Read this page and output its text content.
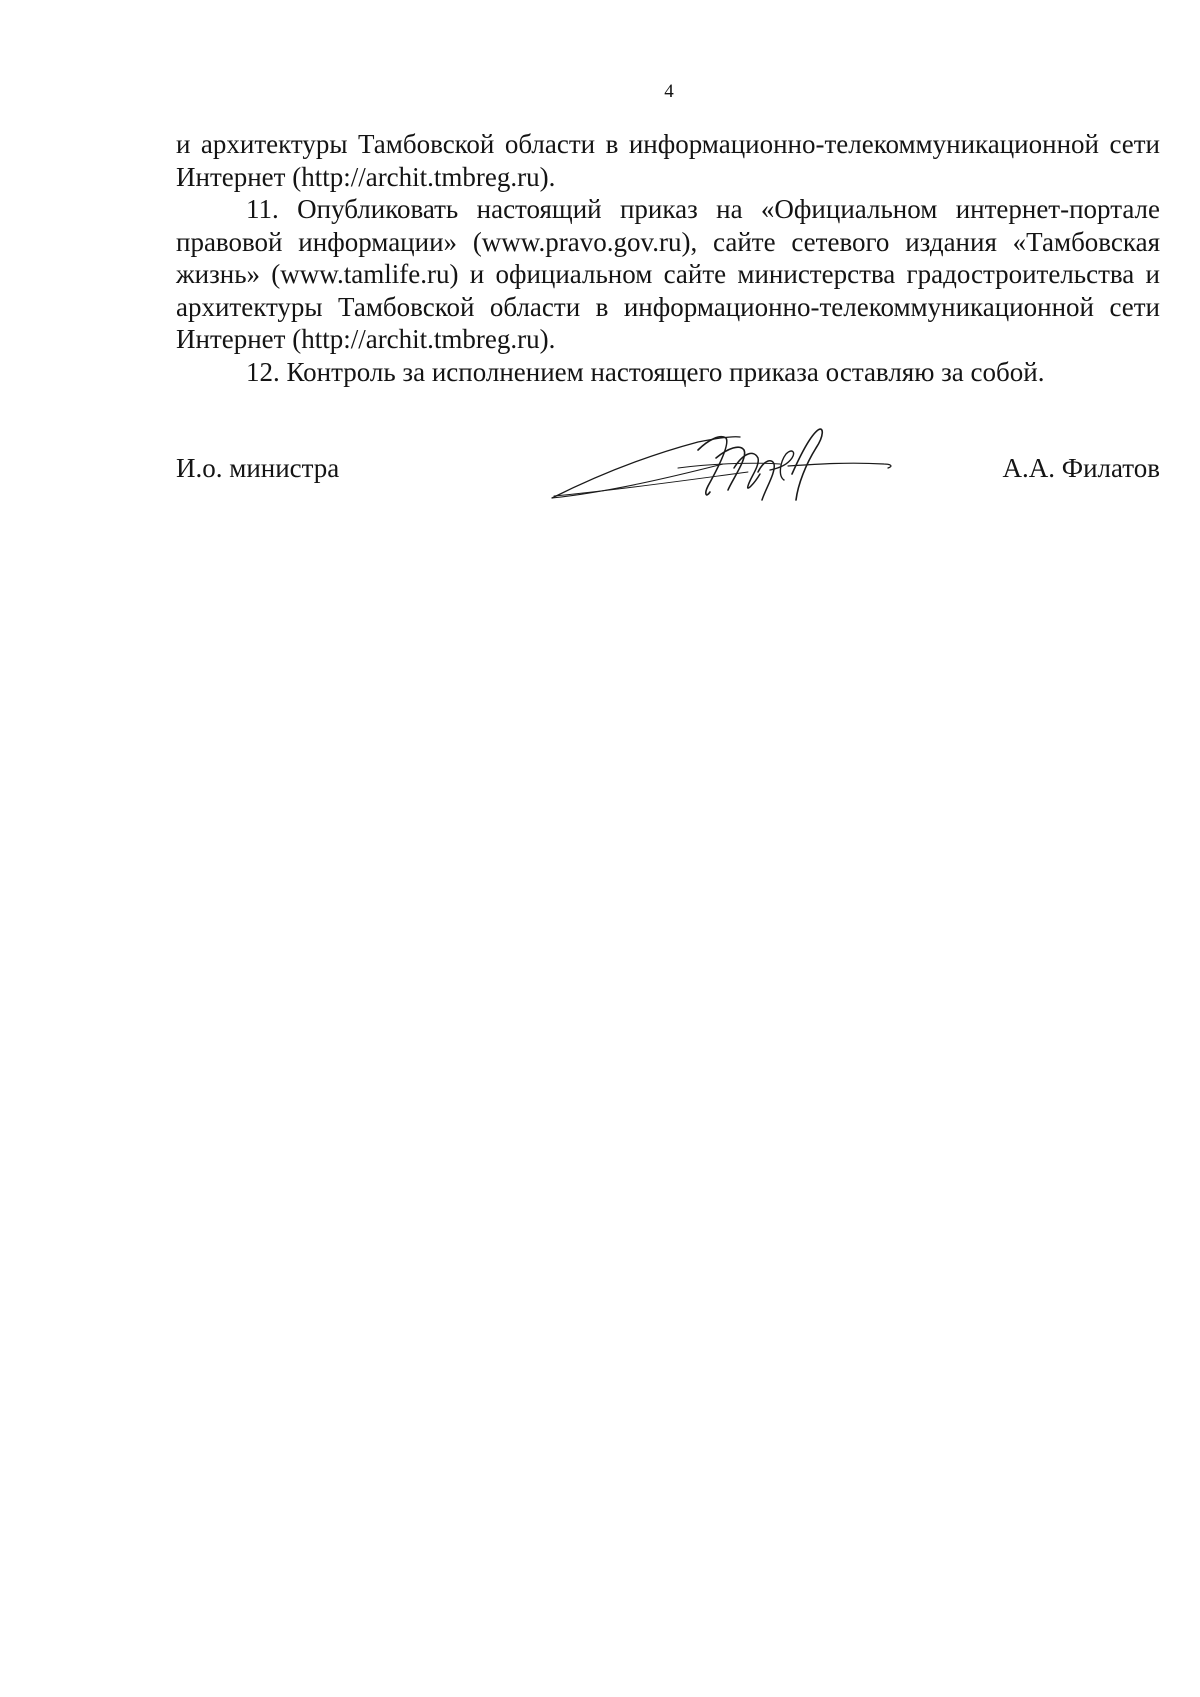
4

и архитектуры Тамбовской области в информационно-телекоммуникационной сети Интернет (http://archit.tmbreg.ru).

11. Опубликовать настоящий приказ на «Официальном интернет-портале правовой информации» (www.pravo.gov.ru), сайте сетевого издания «Тамбовская жизнь» (www.tamlife.ru) и официальном сайте министерства градостроительства и архитектуры Тамбовской области в информационно-телекоммуникационной сети Интернет (http://archit.tmbreg.ru).

12. Контроль за исполнением настоящего приказа оставляю за собой.

И.о. министра	А.А. Филатов
